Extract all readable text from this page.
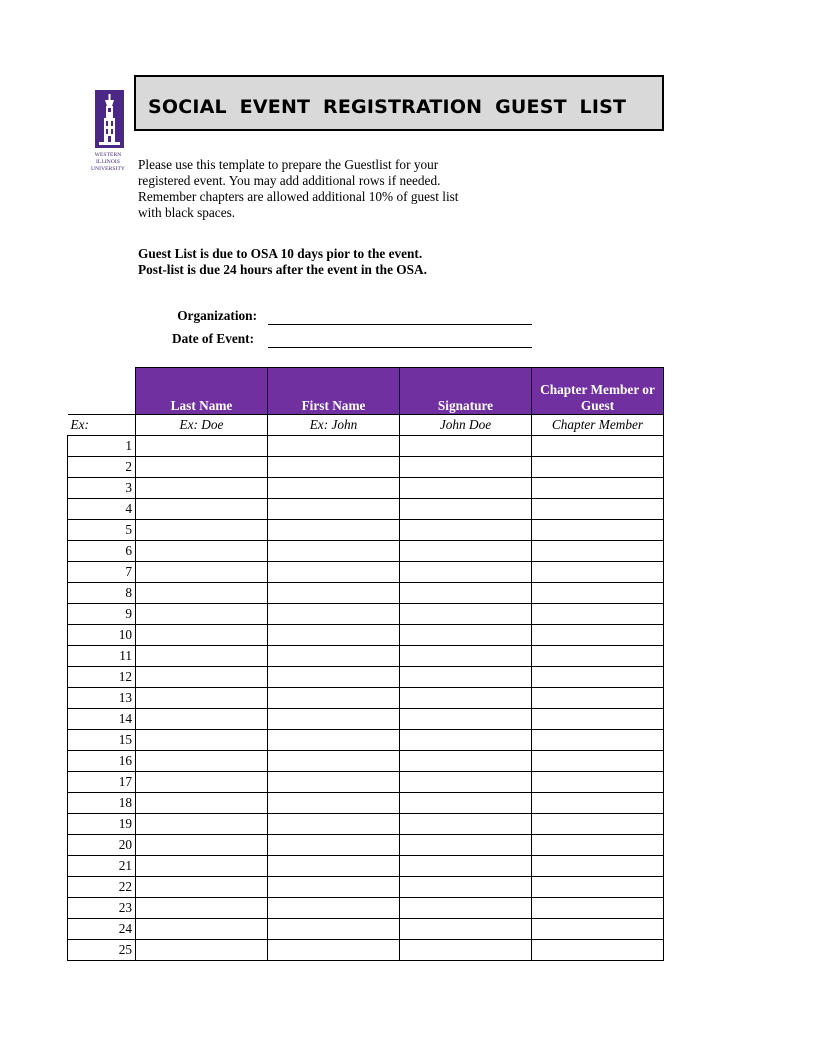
WESTERN
ILLINOIS
UNIVERSITY
SOCIAL EVENT REGISTRATION GUEST LIST
Please use this template to prepare the Guestlist for your
registered event. You may add additional rows if needed.
Remember chapters are allowed additional 10% of guest list
with black spaces.
Guest List is due to OSA 10 days pior to the event.
Post-list is due 24 hours after the event in the OSA.
Organization:
Date of Event:
	Last Name	First Name	Signature	Chapter Member or Guest
Ex:	Ex: Doe	Ex: John	John Doe	Chapter Member
1				
2				
3				
4				
5				
6				
7				
8				
9				
10				
11				
12				
13				
14				
15				
16				
17				
18				
19				
20				
21				
22				
23				
24				
25				
